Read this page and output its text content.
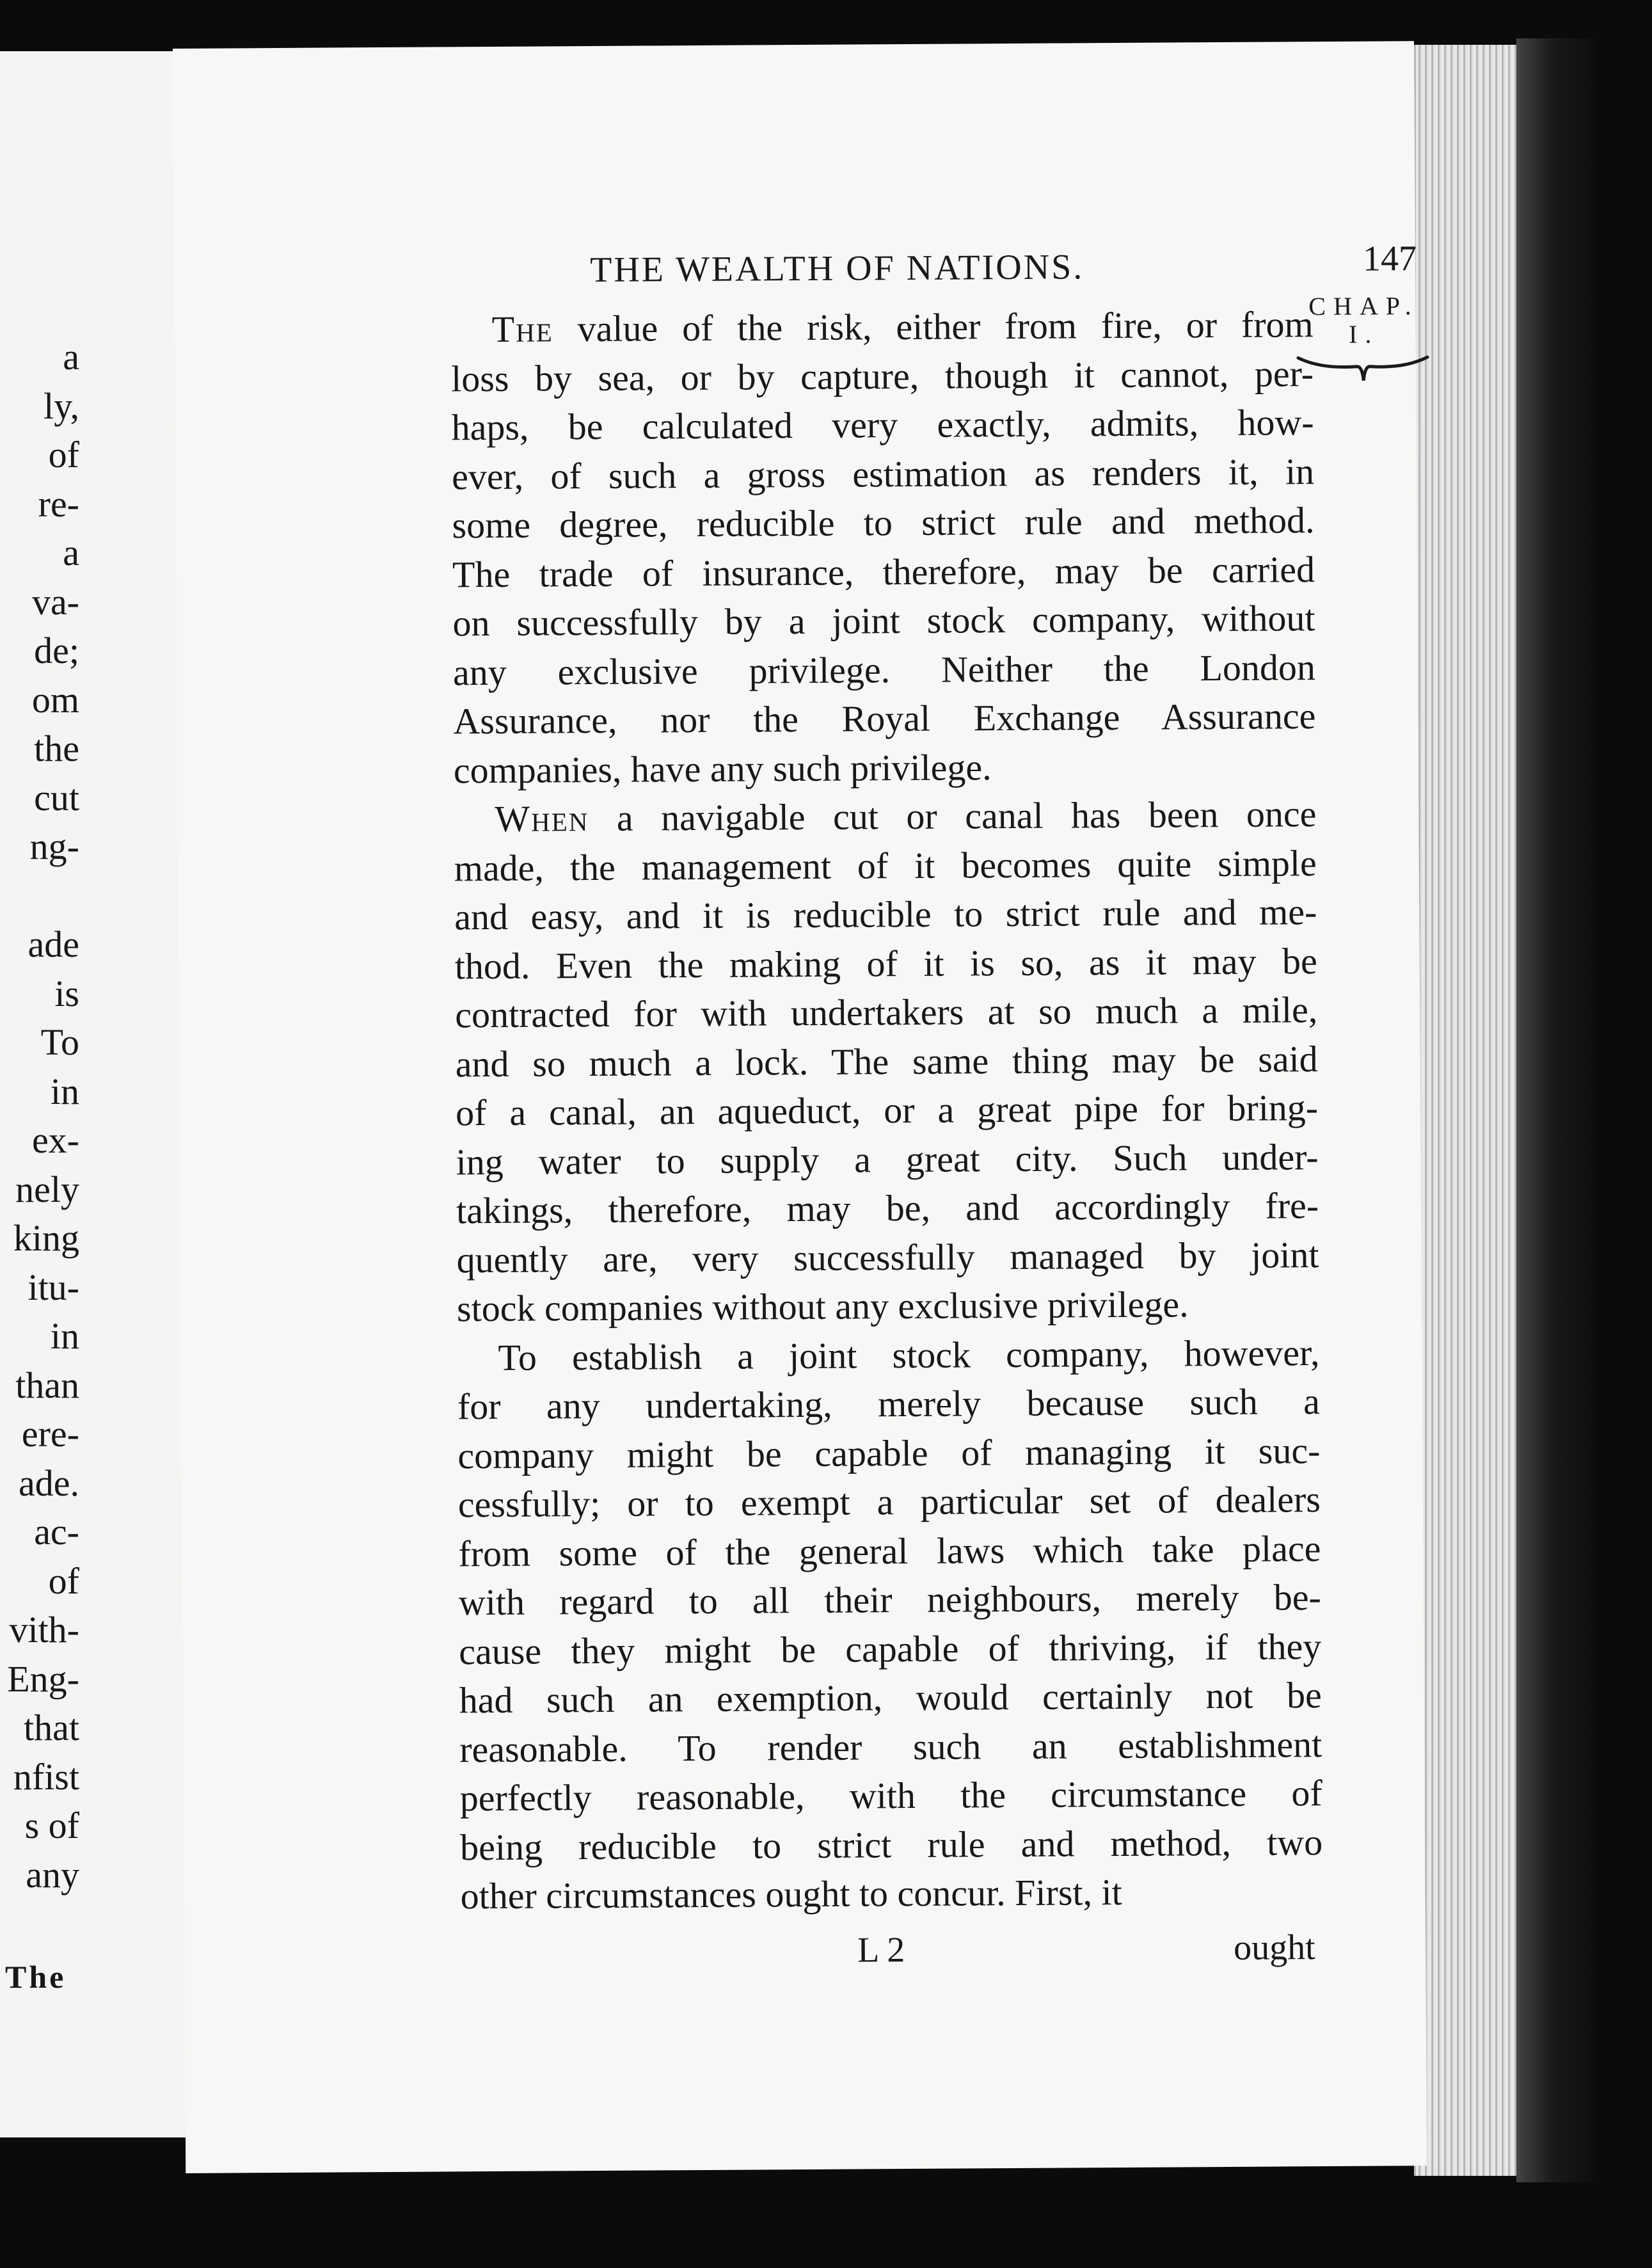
a
ly,
of
re-
a
va-
de;
om
the
cut
ng-

ade
is
To
in
ex-
nely
king
itu-
in
than
ere-
ade.
ac-
of
vith-
Eng-
that
nfist
s of
any
The
THE WEALTH OF NATIONS.	147
CHAP.
I.
The value of the risk, either from fire, or from
loss by sea, or by capture, though it cannot, per-
haps, be calculated very exactly, admits, how-
ever, of such a gross estimation as renders it, in
some degree, reducible to strict rule and method.
The trade of insurance, therefore, may be carried
on successfully by a joint stock company, without
any exclusive privilege. Neither the London
Assurance, nor the Royal Exchange Assurance
companies, have any such privilege.
When a navigable cut or canal has been once
made, the management of it becomes quite simple
and easy, and it is reducible to strict rule and me-
thod. Even the making of it is so, as it may be
contracted for with undertakers at so much a mile,
and so much a lock. The same thing may be said
of a canal, an aqueduct, or a great pipe for bring-
ing water to supply a great city. Such under-
takings, therefore, may be, and accordingly fre-
quently are, very successfully managed by joint
stock companies without any exclusive privilege.
To establish a joint stock company, however,
for any undertaking, merely because such a
company might be capable of managing it suc-
cessfully; or to exempt a particular set of dealers
from some of the general laws which take place
with regard to all their neighbours, merely be-
cause they might be capable of thriving, if they
had such an exemption, would certainly not be
reasonable. To render such an establishment
perfectly reasonable, with the circumstance of
being reducible to strict rule and method, two
other circumstances ought to concur. First, it
L 2	ought
